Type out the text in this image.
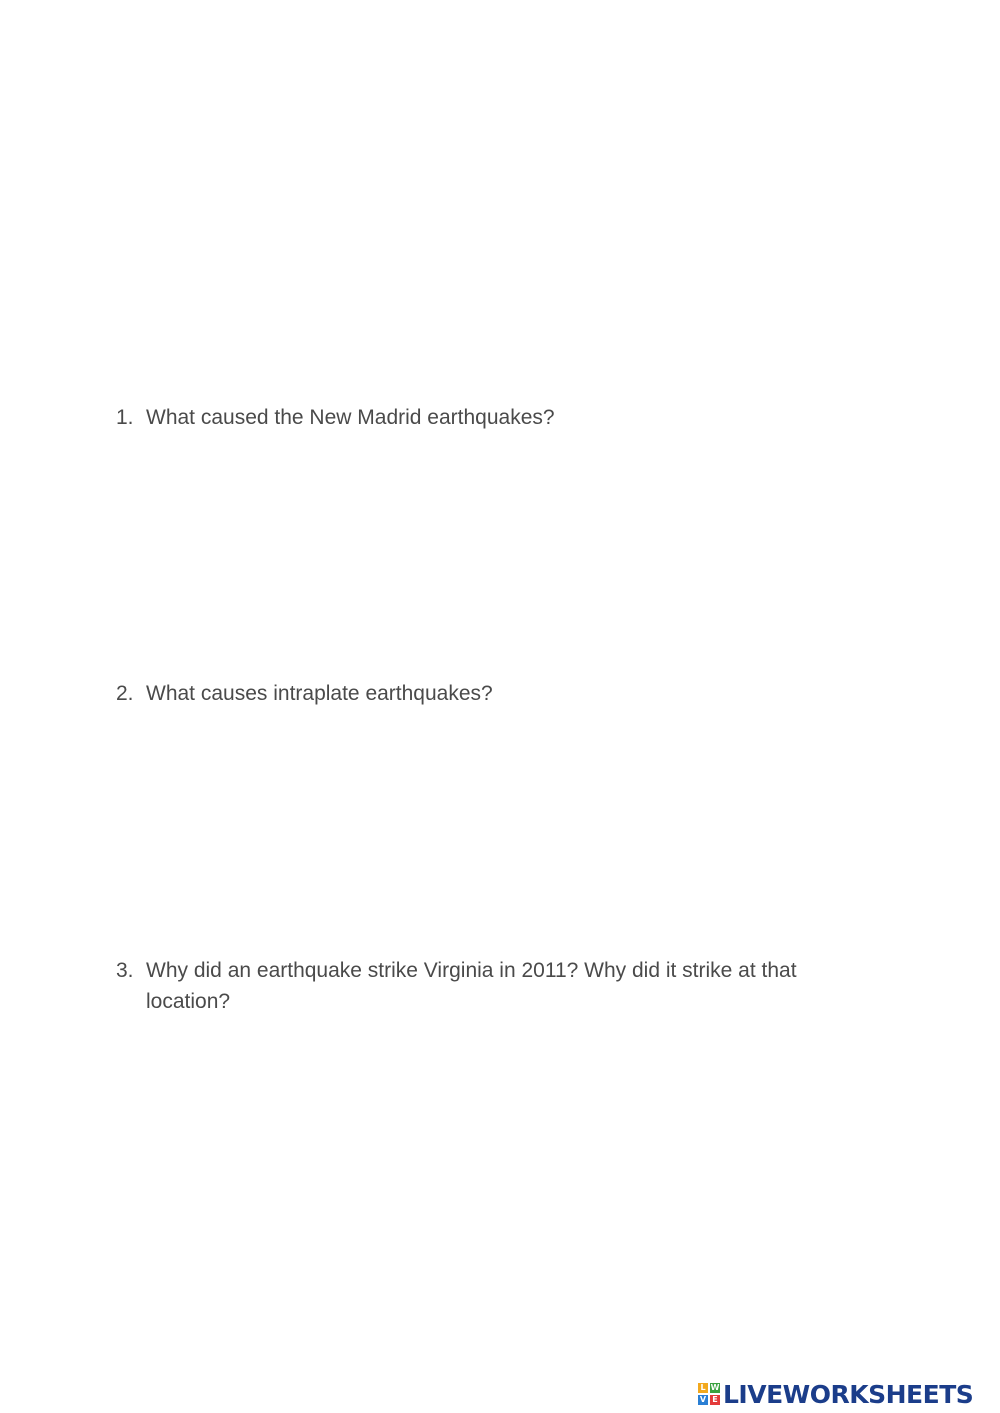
1. What caused the New Madrid earthquakes?
2. What causes intraplate earthquakes?
3. Why did an earthquake strike Virginia in 2011? Why did it strike at that location?
L W
V E LIVEWORKSHEETS
